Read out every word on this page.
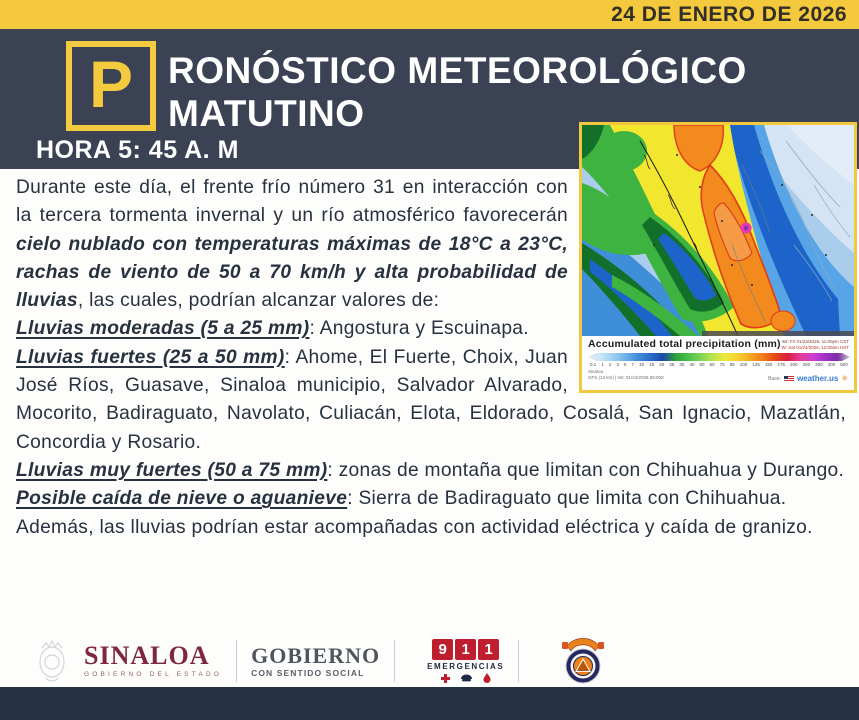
24 DE ENERO DE 2026
P RONÓSTICO METEOROLÓGICO
MATUTINO
HORA 5: 45 A. M
Accumulated total precipitation (mm) Init: Fri 01/23/2026, 11:00pm CST
W: Sat 01/24/2026, 12:00am HST
0.1 1 2 3 5 7 10 15 20 25 30 40 50 60 75 85 100 125 150 175 200 250 300 400 500
Sinaloa
GFS (13 km) | Init: 01/24/2026 06:00Z	Base: weather.us ✳

Durante este día, el frente frío número 31 en interacción con la tercera tormenta invernal y un río atmosférico favorecerán cielo nublado con temperaturas máximas de 18°C a 23°C, rachas de viento de 50 a 70 km/h y alta probabilidad de lluvias, las cuales, podrían alcanzar valores de:

Lluvias moderadas (5 a 25 mm): Angostura y Escuinapa.

Lluvias fuertes (25 a 50 mm): Ahome, El Fuerte, Choix, Juan José Ríos, Guasave, Sinaloa municipio, Salvador Alvarado, Mocorito, Badiraguato, Navolato, Culiacán, Elota, Eldorado, Cosalá, San Ignacio, Mazatlán, Concordia y Rosario.

Lluvias muy fuertes (50 a 75 mm): zonas de montaña que limitan con Chihuahua y Durango.

Posible caída de nieve o aguanieve: Sierra de Badiraguato que limita con Chihuahua.

Además, las lluvias podrían estar acompañadas con actividad eléctrica y caída de granizo.

SINALOA
GOBIERNO DEL ESTADO
GOBIERNO
CON SENTIDO SOCIAL
9 1 1
EMERGENCIAS
